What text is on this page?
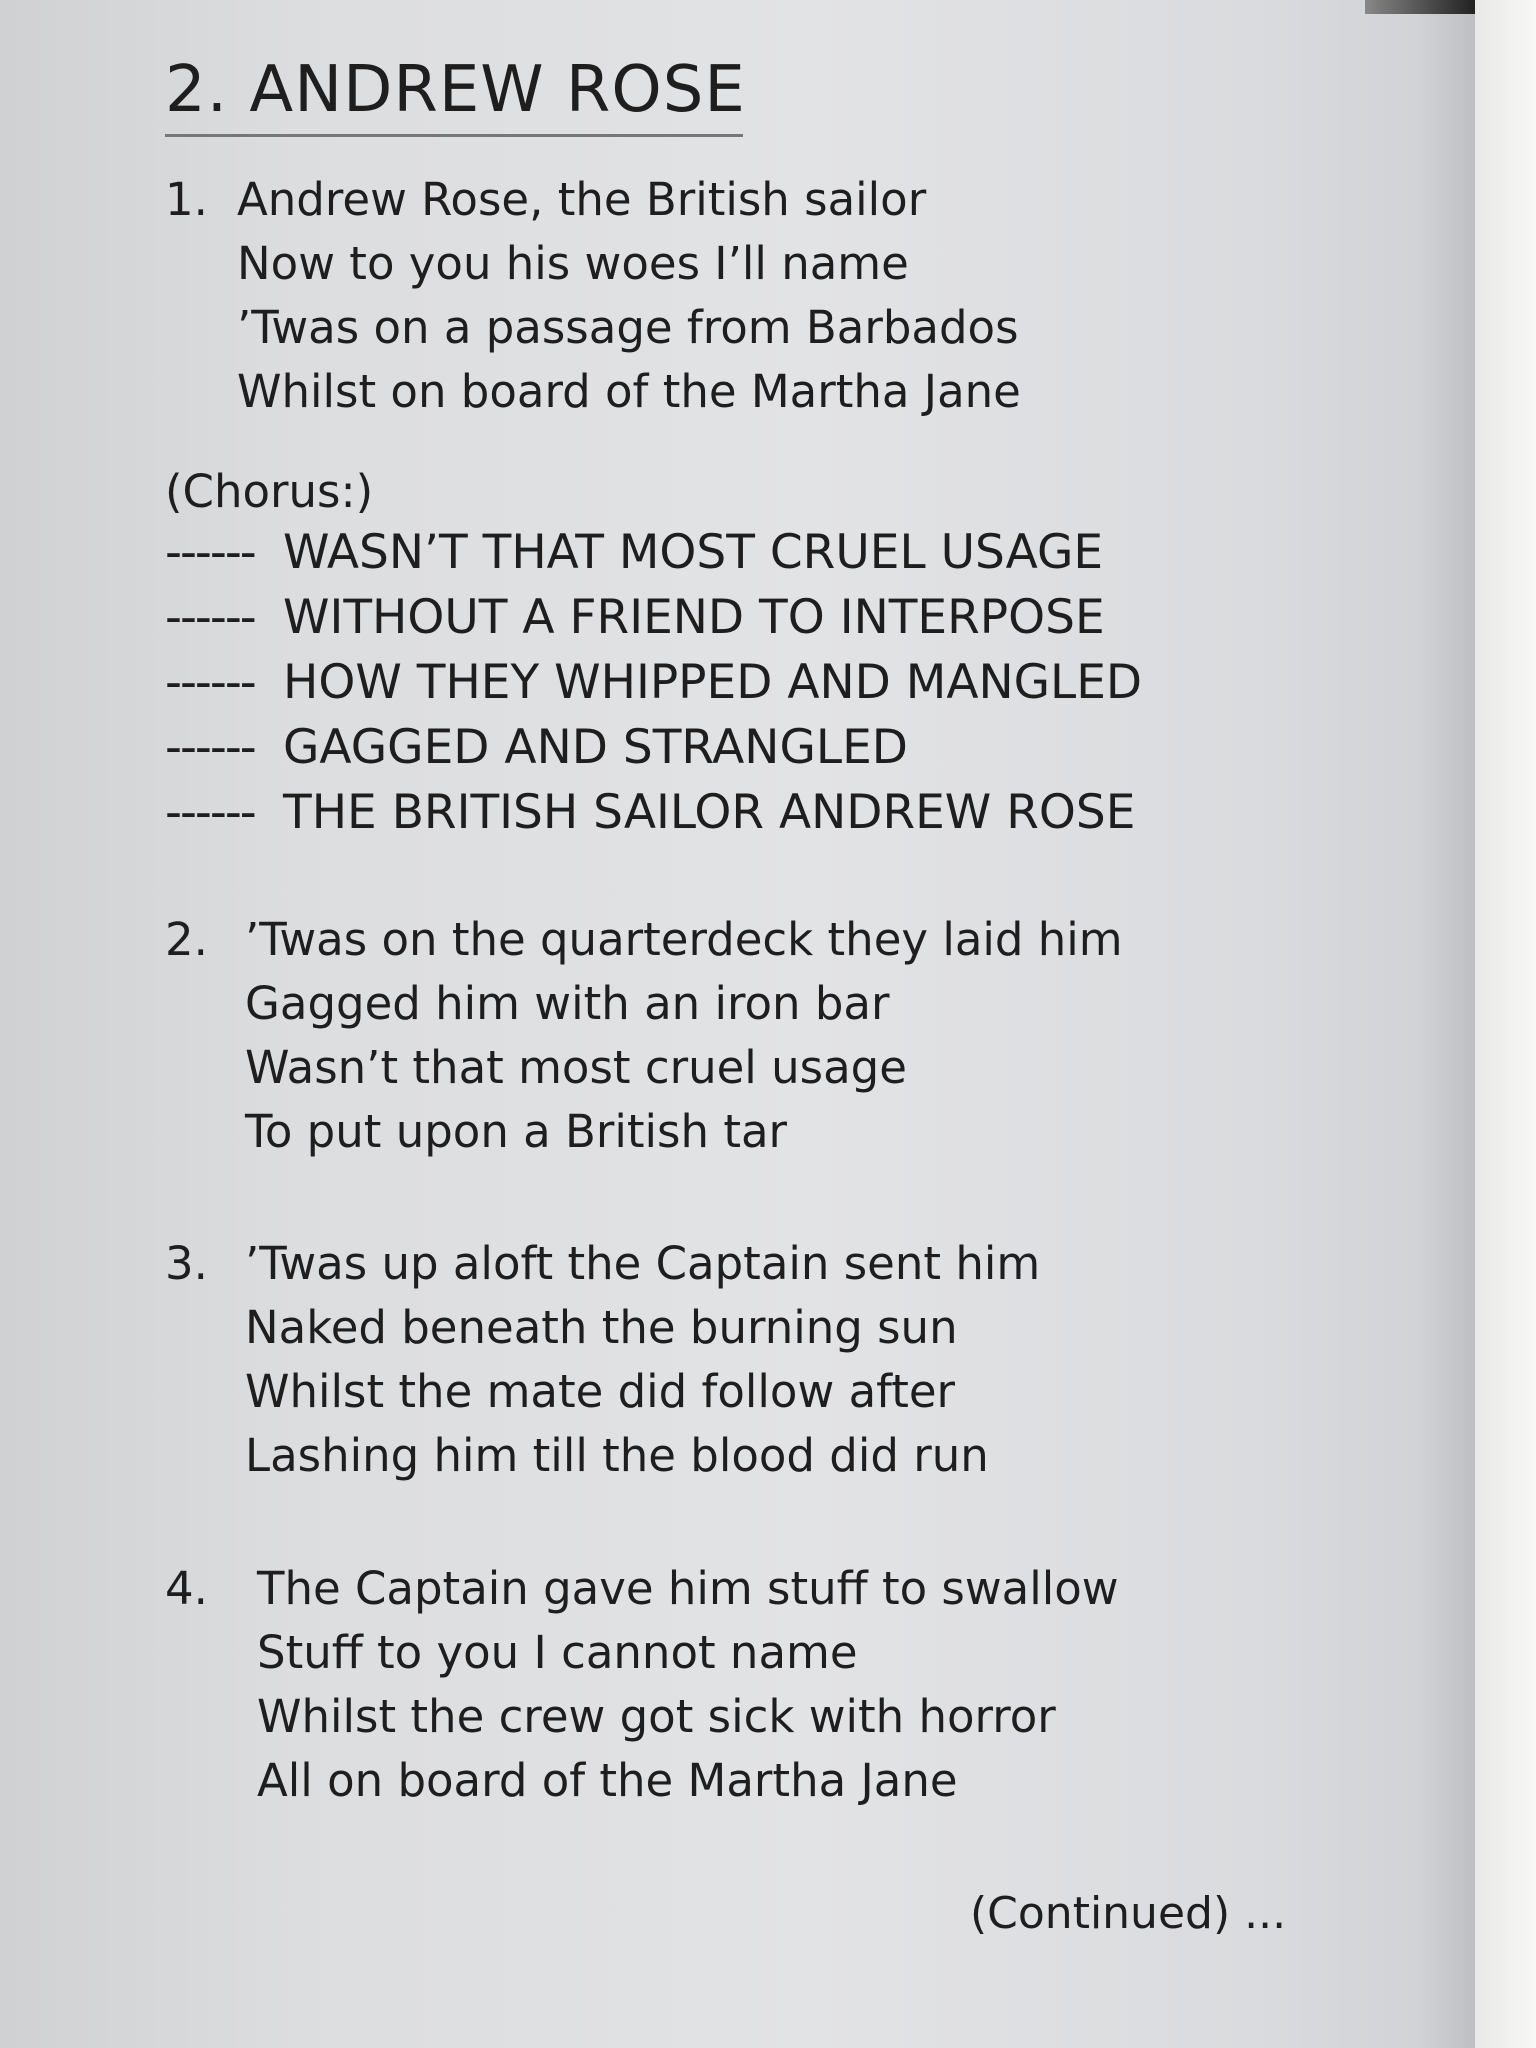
2. ANDREW ROSE
1. Andrew Rose, the British sailor
Now to you his woes I’ll name
’Twas on a passage from Barbados
Whilst on board of the Martha Jane
(Chorus:)
------ WASN’T THAT MOST CRUEL USAGE
------ WITHOUT A FRIEND TO INTERPOSE
------ HOW THEY WHIPPED AND MANGLED
------ GAGGED AND STRANGLED
------ THE BRITISH SAILOR ANDREW ROSE
2. ’Twas on the quarterdeck they laid him
Gagged him with an iron bar
Wasn’t that most cruel usage
To put upon a British tar
3. ’Twas up aloft the Captain sent him
Naked beneath the burning sun
Whilst the mate did follow after
Lashing him till the blood did run
4. The Captain gave him stuff to swallow
Stuff to you I cannot name
Whilst the crew got sick with horror
All on board of the Martha Jane
(Continued) ...
